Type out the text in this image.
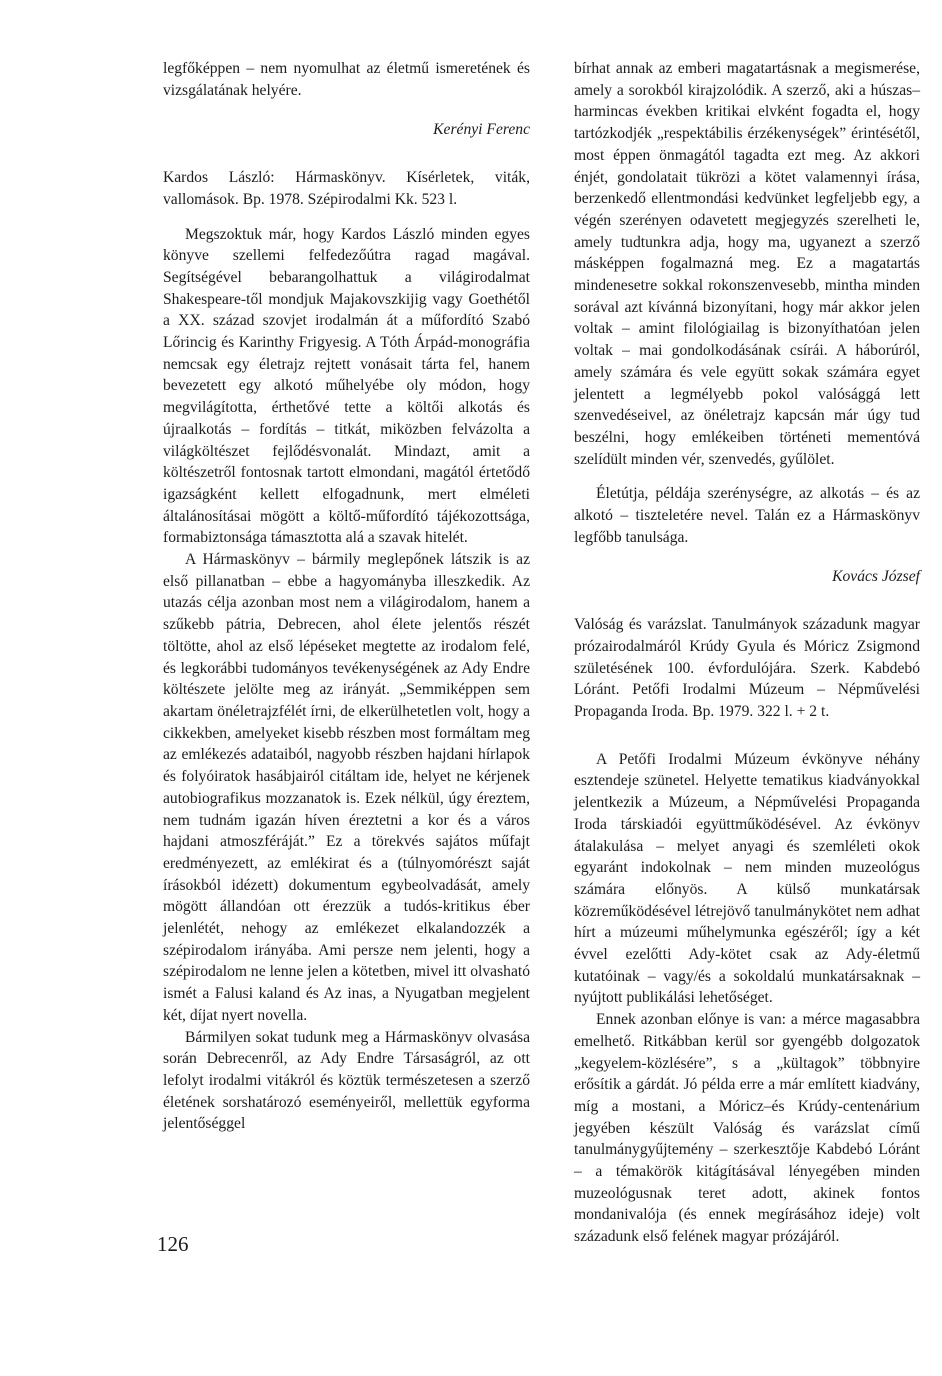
legfőképpen – nem nyomulhat az életmű ismeretének és vizsgálatának helyére.

Kerényi Ferenc

Kardos László: Hármaskönyv. Kísérletek, viták, vallomások. Bp. 1978. Szépirodalmi Kk. 523 l.

Megszoktuk már, hogy Kardos László minden egyes könyve szellemi felfedezőútra ragad magával. Segítségével bebarangolhattuk a világirodalmat Shakespeare-től mondjuk Majakovszkijig vagy Goethétől a XX. század szovjet irodalmán át a műfordító Szabó Lőrincig és Karinthy Frigyesig. A Tóth Árpád-monográfia nemcsak egy életrajz rejtett vonásait tárta fel, hanem bevezetett egy alkotó műhelyébe oly módon, hogy megvilágította, érthetővé tette a költői alkotás és újraalkotás – fordítás – titkát, miközben felvázolta a világköltészet fejlődésvonalát. Mindazt, amit a költészetről fontosnak tartott elmondani, magától értetődő igazságként kellett elfogadnunk, mert elméleti általánosításai mögött a költő-műfordító tájékozottsága, formabiztonsága támasztotta alá a szavak hitelét.

A Hármaskönyv – bármily meglepőnek látszik is az első pillanatban – ebbe a hagyományba illeszkedik. Az utazás célja azonban most nem a világirodalom, hanem a szűkebb pátria, Debrecen, ahol élete jelentős részét töltötte, ahol az első lépéseket megtette az irodalom felé, és legkorábbi tudományos tevékenységének az Ady Endre költészete jelölte meg az irányát. „Semmiképpen sem akartam önéletrajzfélét írni, de elkerülhetetlen volt, hogy a cikkekben, amelyeket kisebb részben most formáltam meg az emlékezés adataiból, nagyobb részben hajdani hírlapok és folyóiratok hasábjairól citáltam ide, helyet ne kérjenek autobiografikus mozzanatok is. Ezek nélkül, úgy éreztem, nem tudnám igazán híven éreztetni a kor és a város hajdani atmoszféráját.” Ez a törekvés sajátos műfajt eredményezett, az emlékirat és a (túlnyomórészt saját írásokból idézett) dokumentum egybeolvadását, amely mögött állandóan ott érezzük a tudós-kritikus éber jelenlétét, nehogy az emlékezet elkalandozzék a szépirodalom irányába. Ami persze nem jelenti, hogy a szépirodalom ne lenne jelen a kötetben, mivel itt olvasható ismét a Falusi kaland és Az inas, a Nyugatban megjelent két, díjat nyert novella.

Bármilyen sokat tudunk meg a Hármaskönyv olvasása során Debrecenről, az Ady Endre Társaságról, az ott lefolyt irodalmi vitákról és köztük természetesen a szerző életének sorshatározó eseményeiről, mellettük egyforma jelentőséggel

bírhat annak az emberi magatartásnak a megismerése, amely a sorokból kirajzolódik. A szerző, aki a húszas–harmincas években kritikai elvként fogadta el, hogy tartózkodjék „respektábilis érzékenységek” érintésétől, most éppen önmagától tagadta ezt meg. Az akkori énjét, gondolatait tükrözi a kötet valamennyi írása, berzenkedő ellentmondási kedvünket legfeljebb egy, a végén szerényen odavetett megjegyzés szerelheti le, amely tudtunkra adja, hogy ma, ugyanezt a szerző másképpen fogalmazná meg. Ez a magatartás mindenesetre sokkal rokonszenvesebb, mintha minden sorával azt kívánná bizonyítani, hogy már akkor jelen voltak – amint filológiailag is bizonyíthatóan jelen voltak – mai gondolkodásának csírái. A háborúról, amely számára és vele együtt sokak számára egyet jelentett a legmélyebb pokol valósággá lett szenvedéseivel, az önéletrajz kapcsán már úgy tud beszélni, hogy emlékeiben történeti mementóvá szelídült minden vér, szenvedés, gyűlölet.

Életútja, példája szerénységre, az alkotás – és az alkotó – tiszteletére nevel. Talán ez a Hármaskönyv legfőbb tanulsága.

Kovács József

Valóság és varázslat. Tanulmányok századunk magyar prózairodalmáról Krúdy Gyula és Móricz Zsigmond születésének 100. évfordulójára. Szerk. Kabdebó Lóránt. Petőfi Irodalmi Múzeum – Népművelési Propaganda Iroda. Bp. 1979. 322 l. + 2 t.

A Petőfi Irodalmi Múzeum évkönyve néhány esztendeje szünetel. Helyette tematikus kiadványokkal jelentkezik a Múzeum, a Népművelési Propaganda Iroda társkiadói együttműködésével. Az évkönyv átalakulása – melyet anyagi és szemléleti okok egyaránt indokolnak – nem minden muzeológus számára előnyös. A külső munkatársak közreműködésével létrejövő tanulmánykötet nem adhat hírt a múzeumi műhelymunka egészéről; így a két évvel ezelőtti Ady-kötet csak az Ady-életmű kutatóinak – vagy/és a sokoldalú munkatársaknak – nyújtott publikálási lehetőséget.

Ennek azonban előnye is van: a mérce magasabbra emelhető. Ritkábban kerül sor gyengébb dolgozatok „kegyelem-közlésére”, s a „kültagok” többnyire erősítik a gárdát. Jó példa erre a már említett kiadvány, míg a mostani, a Móricz–és Krúdy-centenárium jegyében készült Valóság és varázslat című tanulmánygyűjtemény – szerkesztője Kabdebó Lóránt – a témakörök kitágításával lényegében minden muzeológusnak teret adott, akinek fontos mondanivalója (és ennek megírásához ideje) volt századunk első felének magyar prózájáról.

126
